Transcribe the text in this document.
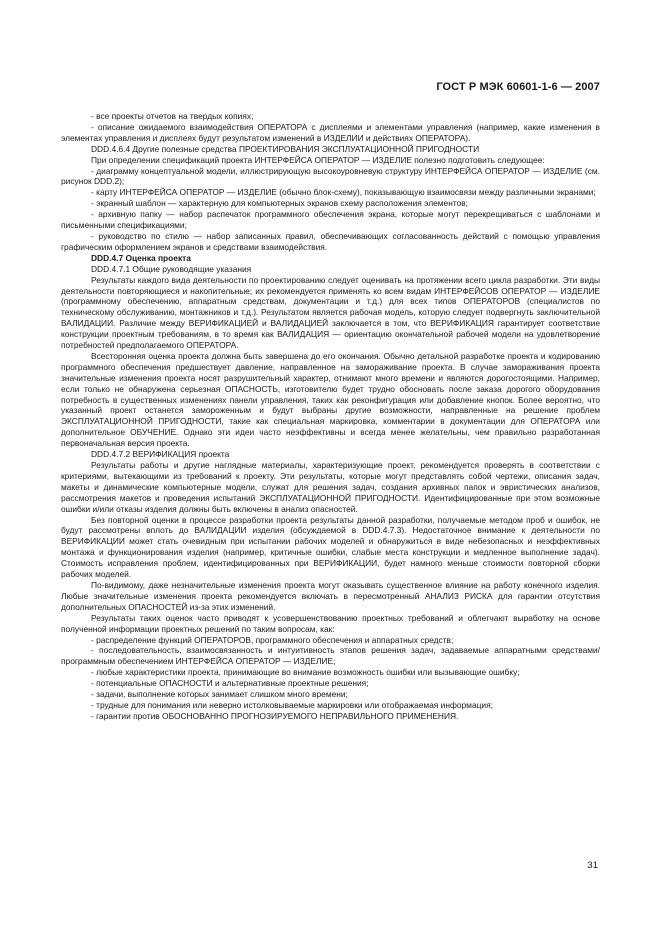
ГОСТ Р МЭК 60601-1-6 — 2007

- все проекты отчетов на твердых копиях;

- описание ожидаемого взаимодействия ОПЕРАТОРА с дисплеями и элементами управления (например, какие изменения в элементах управления и дисплеях будут результатом изменений в ИЗДЕЛИИ и действиях ОПЕРАТОРА).

DDD.4.6.4 Другие полезные средства ПРОЕКТИРОВАНИЯ ЭКСПЛУАТАЦИОННОЙ ПРИГОДНОСТИ

При определении спецификаций проекта ИНТЕРФЕЙСА ОПЕРАТОР — ИЗДЕЛИЕ полезно подготовить следующее:

- диаграмму концептуальной модели, иллюстрирующую высокоуровневую структуру ИНТЕРФЕЙСА ОПЕРАТОР — ИЗДЕЛИЕ (см. рисунок DDD.2);

- карту ИНТЕРФЕЙСА ОПЕРАТОР — ИЗДЕЛИЕ (обычно блок-схему), показывающую взаимосвязи между различными экранами;

- экранный шаблон — характерную для компьютерных экранов схему расположения элементов;

- архивную папку — набор распечаток программного обеспечения экрана, которые могут перекрещиваться с шаблонами и письменными спецификациями;

- руководство по стилю — набор записанных правил, обеспечивающих согласованность действий с помощью управления графическим оформлением экранов и средствами взаимодействия.

DDD.4.7 Оценка проекта

DDD.4.7.1 Общие руководящие указания

Результаты каждого вида деятельности по проектированию следует оценивать на протяжении всего цикла разработки. Эти виды деятельности повторяющиеся и накопительные; их рекомендуется применять ко всем видам ИНТЕРФЕЙСОВ ОПЕРАТОР — ИЗДЕЛИЕ (программному обеспечению, аппаратным средствам, документации и т.д.) для всех типов ОПЕРАТОРОВ (специалистов по техническому обслуживанию, монтажников и т.д.). Результатом является рабочая модель, которую следует подвергнуть заключительной ВАЛИДАЦИИ. Различие между ВЕРИФИКАЦИЕЙ и ВАЛИДАЦИЕЙ заключается в том, что ВЕРИФИКАЦИЯ гарантирует соответствие конструкции проектным требованиям, в то время как ВАЛИДАЦИЯ — ориентацию окончательной рабочей модели на удовлетворение потребностей предполагаемого ОПЕРАТОРА.

Всесторонняя оценка проекта должна быть завершена до его окончания. Обычно детальной разработке проекта и кодированию программного обеспечения предшествует давление, направленное на замораживание проекта. В случае замораживания проекта значительные изменения проекта носят разрушительный характер, отнимают много времени и являются дорогостоящими. Например, если только не обнаружена серьезная ОПАСНОСТЬ, изготовителю будет трудно обосновать после заказа дорогого оборудования потребность в существенных изменениях панели управления, таких как реконфигурация или добавление кнопок. Более вероятно, что указанный проект останется замороженным и будут выбраны другие возможности, направленные на решение проблем ЭКСПЛУАТАЦИОННОЙ ПРИГОДНОСТИ, такие как специальная маркировка, комментарии в документации для ОПЕРАТОРА или дополнительное ОБУЧЕНИЕ. Однако эти идеи часто неэффективны и всегда менее желательны, чем правильно разработанная первоначальная версия проекта.

DDD.4.7.2 ВЕРИФИКАЦИЯ проекта

Результаты работы и другие наглядные материалы, характеризующие проект, рекомендуется проверять в соответствии с критериями, вытекающими из требований к проекту. Эти результаты, которые могут представлять собой чертежи, описания задач, макеты и динамические компьютерные модели, служат для решения задач, создания архивных папок и эвристических анализов, рассмотрения макетов и проведения испытаний ЭКСПЛУАТАЦИОННОЙ ПРИГОДНОСТИ. Идентифицированные при этом возможные ошибки и/или отказы изделия должны быть включены в анализ опасностей.

Без повторной оценки в процессе разработки проекта результаты данной разработки, получаемые методом проб и ошибок, не будут рассмотрены вплоть до ВАЛИДАЦИИ изделия (обсуждаемой в DDD.4.7.3). Недостаточное внимание к деятельности по ВЕРИФИКАЦИИ может стать очевидным при испытании рабочих моделей и обнаружиться в виде небезопасных и неэффективных монтажа и функционирования изделия (например, критичные ошибки, слабые места конструкции и медленное выполнение задач). Стоимость исправления проблем, идентифицированных при ВЕРИФИКАЦИИ, будет намного меньше стоимости повторной сборки рабочих моделей.

По-видимому, даже незначительные изменения проекта могут оказывать существенное влияние на работу конечного изделия. Любые значительные изменения проекта рекомендуется включать в пересмотренный АНАЛИЗ РИСКА для гарантии отсутствия дополнительных ОПАСНОСТЕЙ из-за этих изменений.

Результаты таких оценок часто приводят к усовершенствованию проектных требований и облегчают выработку на основе полученной информации проектных решений по таким вопросам, как:

- распределение функций ОПЕРАТОРОВ, программного обеспечения и аппаратных средств;

- последовательность, взаимосвязанность и интуитивность этапов решения задач, задаваемые аппаратными средствами/программным обеспечением ИНТЕРФЕЙСА ОПЕРАТОР — ИЗДЕЛИЕ;

- любые характеристики проекта, принимающие во внимание возможность ошибки или вызывающие ошибку;

- потенциальные ОПАСНОСТИ и альтернативные проектные решения;

- задачи, выполнение которых занимает слишком много времени;

- трудные для понимания или неверно истолковываемые маркировки или отображаемая информация;

- гарантии против ОБОСНОВАННО ПРОГНОЗИРУЕМОГО НЕПРАВИЛЬНОГО ПРИМЕНЕНИЯ.

31
